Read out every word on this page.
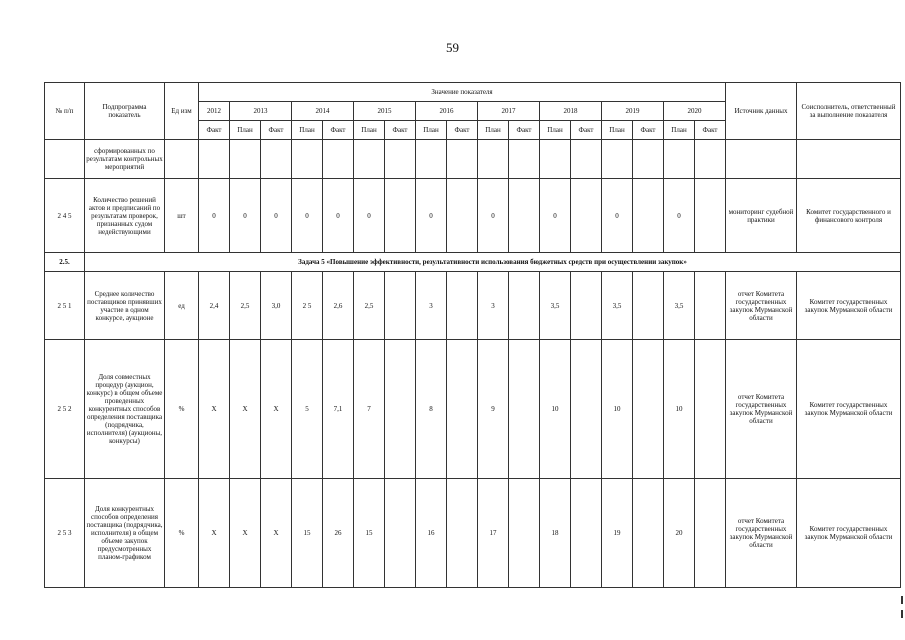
59
№ п/п	Подпрограмма показатель	Ед изм	Значение показателя																	Источник данных	Соисполнитель, ответственный за выполнение показателя
			2012	2013		2014		2015		2016		2017		2018		2019		2020			
			Факт	План	Факт	План	Факт	План	Факт	План	Факт	План	Факт	План	Факт	План	Факт	План	Факт		
	сформированных по результатам контрольных мероприятий																				
2 4 5	Количество решений актов и предписаний по результатам проверок, признанных судом недействующими	шт	0	0	0	0	0	0		0		0		0		0		0		мониторинг судебной практики	Комитет государственного и финансового контроля
2.5.	Задача 5 «Повышение эффективности, результативности использования бюджетных средств при осуществлении закупок»																				
2 5 1	Среднее количество поставщиков принявших участие в одном конкурсе, аукционе	ед	2,4	2,5	3,0	2 5	2,6	2,5		3		3		3,5		3,5		3,5		отчет Комитета государственных закупок Мурманской области	Комитет государственных закупок Мурманской области
2 5 2	Доля совместных процедур (аукцион, конкурс) в общем объеме проведенных конкурентных способов определения поставщика (подрядчика, исполнителя) (аукционы, конкурсы)	%	X	X	X	5	7,1	7		8		9		10		10		10		отчет Комитета государственных закупок Мурманской области	Комитет государственных закупок Мурманской области
2 5 3	Доля конкурентных способов определения поставщика (подрядчика, исполнителя) в общем объеме закупок предусмотренных планом-графиком	%	X	X	X	15	26	15		16		17		18		19		20		отчет Комитета государственных закупок Мурманской области	Комитет государственных закупок Мурманской области
